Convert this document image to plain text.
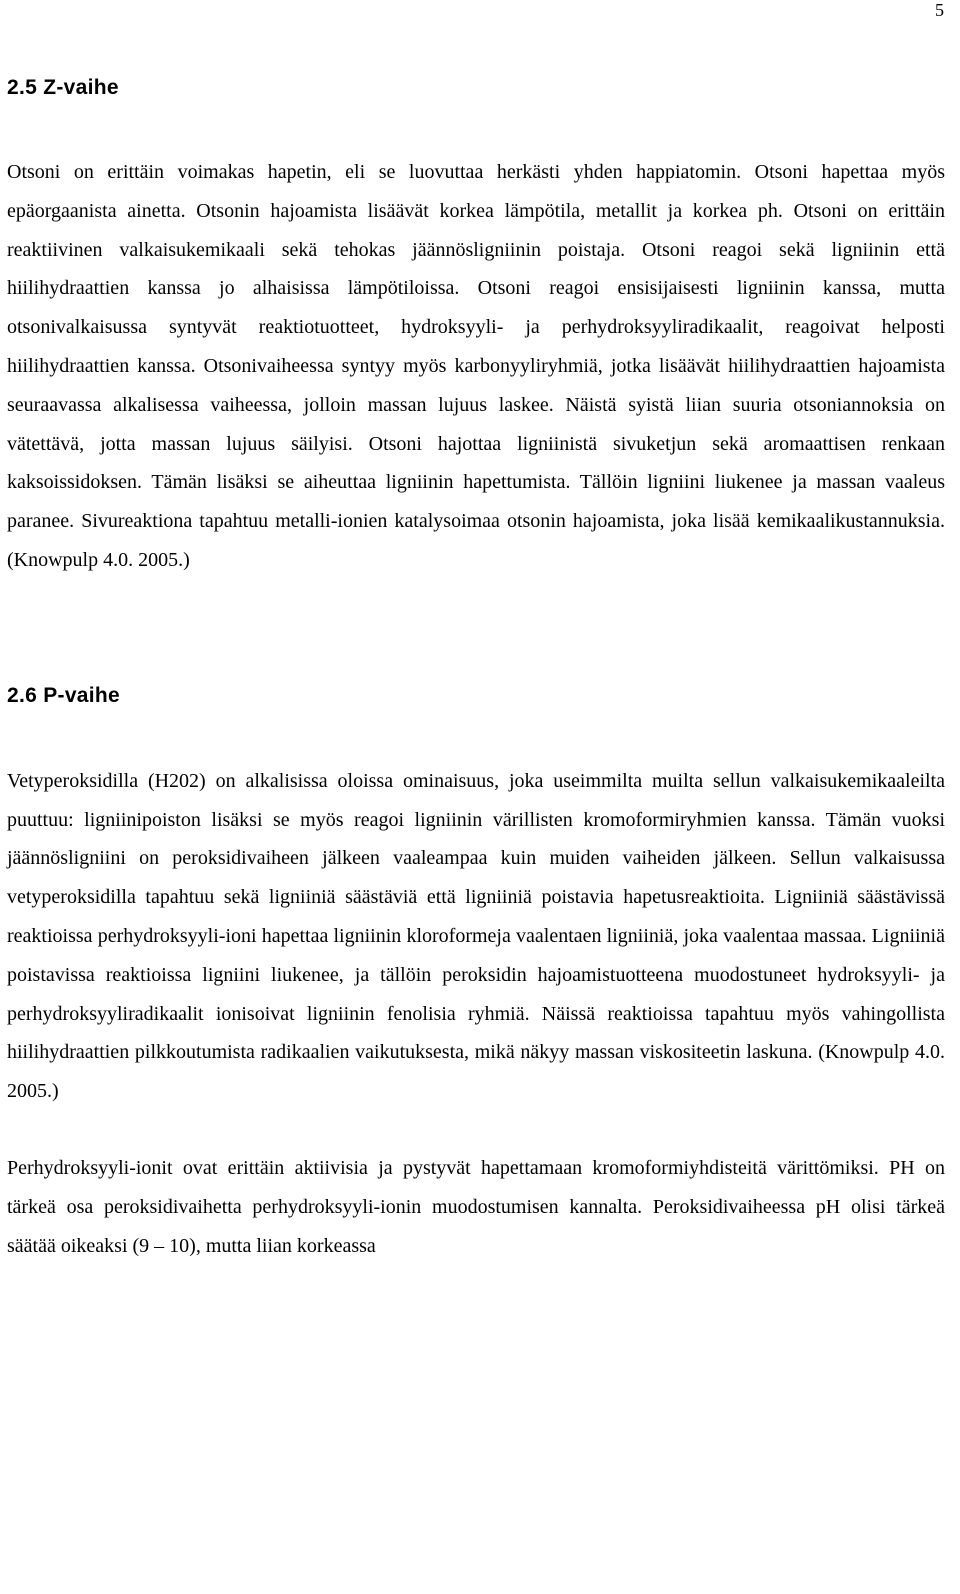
5
2.5 Z-vaihe

Otsoni on erittäin voimakas hapetin, eli se luovuttaa herkästi yhden happiatomin. Otsoni hapettaa myös epäorgaanista ainetta. Otsonin hajoamista lisäävät korkea lämpötila, metallit ja korkea ph. Otsoni on erittäin reaktiivinen valkaisukemikaali sekä tehokas jäännösligniinin poistaja. Otsoni reagoi sekä ligniinin että hiilihydraattien kanssa jo alhaisissa lämpötiloissa. Otsoni reagoi ensisijaisesti ligniinin kanssa, mutta otsonivalkaisussa syntyvät reaktiotuotteet, hydroksyyli- ja perhydroksyyliradikaalit, reagoivat helposti hiilihydraattien kanssa. Otsonivaiheessa syntyy myös karbonyyliryhmiä, jotka lisäävät hiilihydraattien hajoamista seuraavassa alkalisessa vaiheessa, jolloin massan lujuus laskee. Näistä syistä liian suuria otsoniannoksia on vätettävä, jotta massan lujuus säilyisi. Otsoni hajottaa ligniinistä sivuketjun sekä aromaattisen renkaan kaksoissidoksen. Tämän lisäksi se aiheuttaa ligniinin hapettumista. Tällöin ligniini liukenee ja massan vaaleus paranee. Sivureaktiona tapahtuu metalli-ionien katalysoimaa otsonin hajoamista, joka lisää kemikaalikustannuksia. (Knowpulp 4.0. 2005.)

2.6 P-vaihe

Vetyperoksidilla (H202) on alkalisissa oloissa ominaisuus, joka useimmilta muilta sellun valkaisukemikaaleilta puuttuu: ligniinipoiston lisäksi se myös reagoi ligniinin värillisten kromoformiryhmien kanssa. Tämän vuoksi jäännösligniini on peroksidivaiheen jälkeen vaaleampaa kuin muiden vaiheiden jälkeen. Sellun valkaisussa vetyperoksidilla tapahtuu sekä ligniiniä säästäviä että ligniiniä poistavia hapetusreaktioita. Ligniiniä säästävissä reaktioissa perhydroksyyli-ioni hapettaa ligniinin kloroformeja vaalentaen ligniiniä, joka vaalentaa massaa. Ligniiniä poistavissa reaktioissa ligniini liukenee, ja tällöin peroksidin hajoamistuotteena muodostuneet hydroksyyli- ja perhydroksyyliradikaalit ionisoivat ligniinin fenolisia ryhmiä. Näissä reaktioissa tapahtuu myös vahingollista hiilihydraattien pilkkoutumista radikaalien vaikutuksesta, mikä näkyy massan viskositeetin laskuna. (Knowpulp 4.0. 2005.)

Perhydroksyyli-ionit ovat erittäin aktiivisia ja pystyvät hapettamaan kromoformiyhdisteitä värittömiksi. PH on tärkeä osa peroksidivaihetta perhydroksyyli-ionin muodostumisen kannalta. Peroksidivaiheessa pH olisi tärkeä säätää oikeaksi (9 – 10), mutta liian korkeassa
